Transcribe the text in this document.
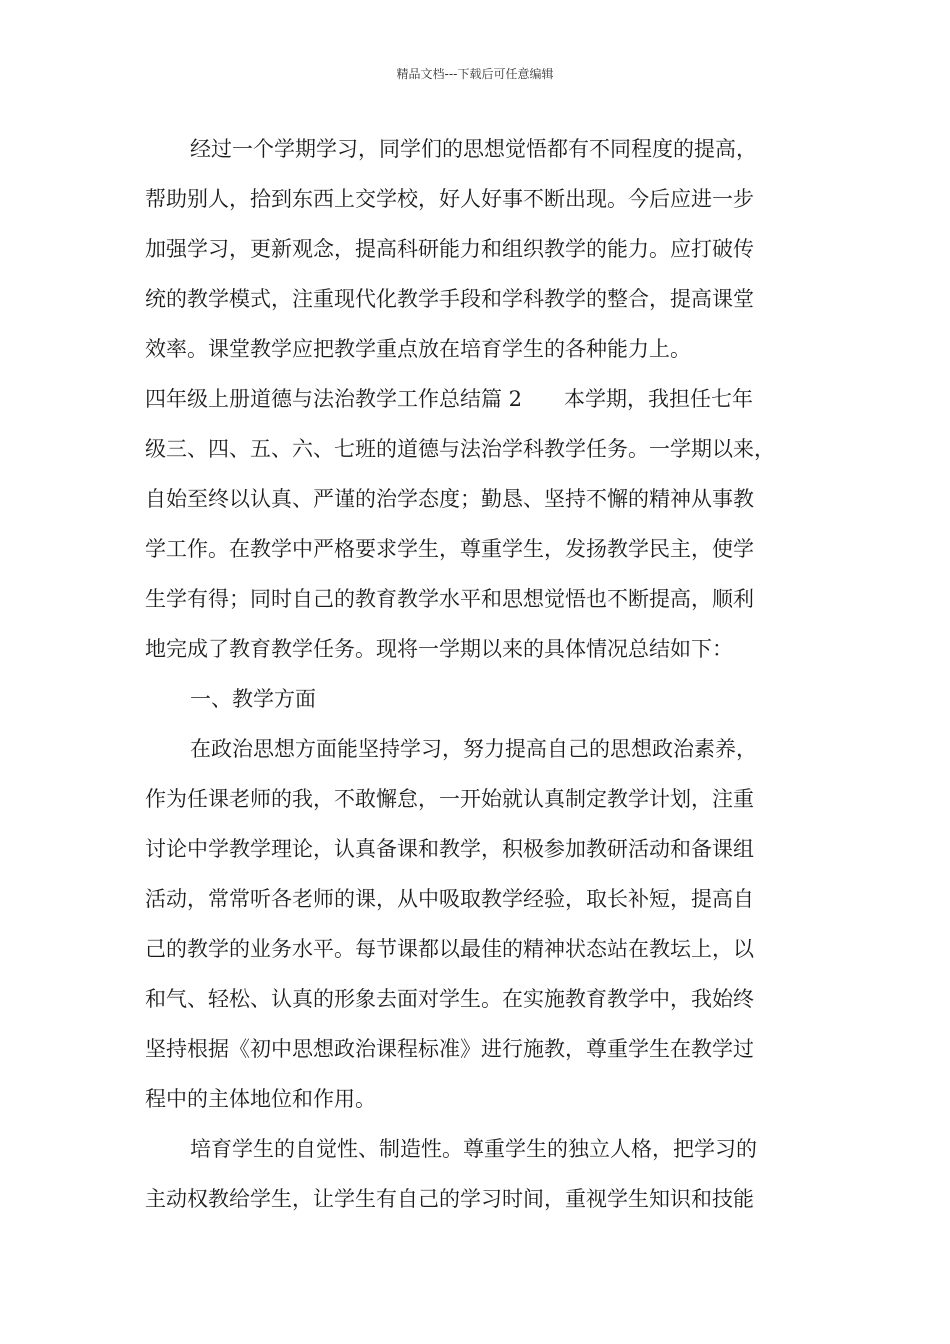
精品文档---下载后可任意编辑
经过一个学期学习，同学们的思想觉悟都有不同程度的提高，
帮助别人，拾到东西上交学校，好人好事不断出现。今后应进一步
加强学习，更新观念，提高科研能力和组织教学的能力。应打破传
统的教学模式，注重现代化教学手段和学科教学的整合，提高课堂
效率。课堂教学应把教学重点放在培育学生的各种能力上。
四年级上册道德与法治教学工作总结篇 2　　本学期，我担任七年
级三、四、五、六、七班的道德与法治学科教学任务。一学期以来，
自始至终以认真、严谨的治学态度；勤恳、坚持不懈的精神从事教
学工作。在教学中严格要求学生，尊重学生，发扬教学民主，使学
生学有得；同时自己的教育教学水平和思想觉悟也不断提高，顺利
地完成了教育教学任务。现将一学期以来的具体情况总结如下：
一、教学方面
在政治思想方面能坚持学习，努力提高自己的思想政治素养，
作为任课老师的我，不敢懈怠，一开始就认真制定教学计划，注重
讨论中学教学理论，认真备课和教学，积极参加教研活动和备课组
活动，常常听各老师的课，从中吸取教学经验，取长补短，提高自
己的教学的业务水平。每节课都以最佳的精神状态站在教坛上，以
和气、轻松、认真的形象去面对学生。在实施教育教学中，我始终
坚持根据《初中思想政治课程标准》进行施教，尊重学生在教学过
程中的主体地位和作用。
培育学生的自觉性、制造性。尊重学生的独立人格，把学习的
主动权教给学生，让学生有自己的学习时间，重视学生知识和技能
